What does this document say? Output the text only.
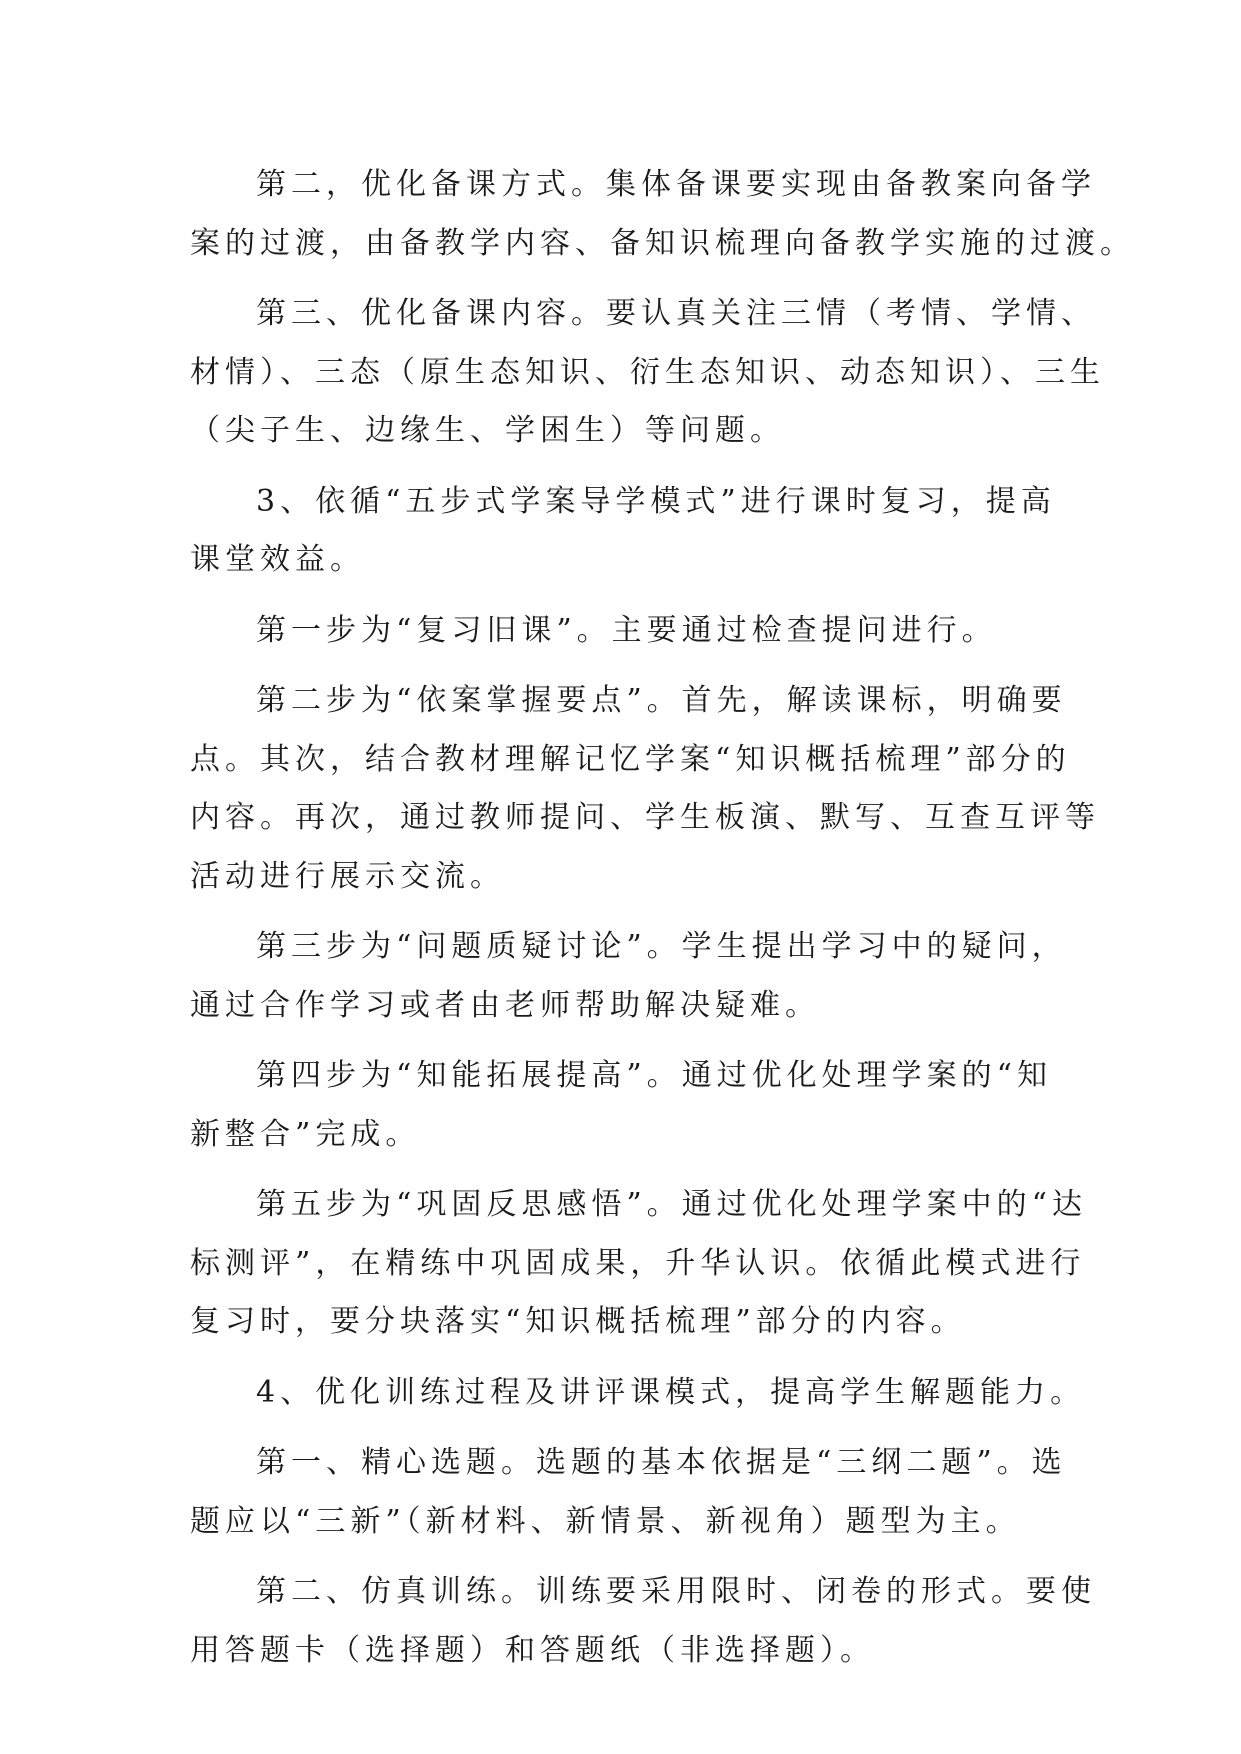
第二，优化备课方式。集体备课要实现由备教案向备学
案的过渡，由备教学内容、备知识梳理向备教学实施的过渡。

第三、优化备课内容。要认真关注三情（考情、学情、
材情）、三态（原生态知识、衍生态知识、动态知识）、三生
（尖子生、边缘生、学困生）等问题。

3、依循“五步式学案导学模式”进行课时复习，提高
课堂效益。

第一步为“复习旧课”。主要通过检查提问进行。

第二步为“依案掌握要点”。首先，解读课标，明确要
点。其次，结合教材理解记忆学案“知识概括梳理”部分的
内容。再次，通过教师提问、学生板演、默写、互查互评等
活动进行展示交流。

第三步为“问题质疑讨论”。学生提出学习中的疑问，
通过合作学习或者由老师帮助解决疑难。

第四步为“知能拓展提高”。通过优化处理学案的“知
新整合”完成。

第五步为“巩固反思感悟”。通过优化处理学案中的“达
标测评”，在精练中巩固成果，升华认识。依循此模式进行
复习时，要分块落实“知识概括梳理”部分的内容。

4、优化训练过程及讲评课模式，提高学生解题能力。

第一、精心选题。选题的基本依据是“三纲二题”。选
题应以“三新”（新材料、新情景、新视角）题型为主。

第二、仿真训练。训练要采用限时、闭卷的形式。要使
用答题卡（选择题）和答题纸（非选择题）。
